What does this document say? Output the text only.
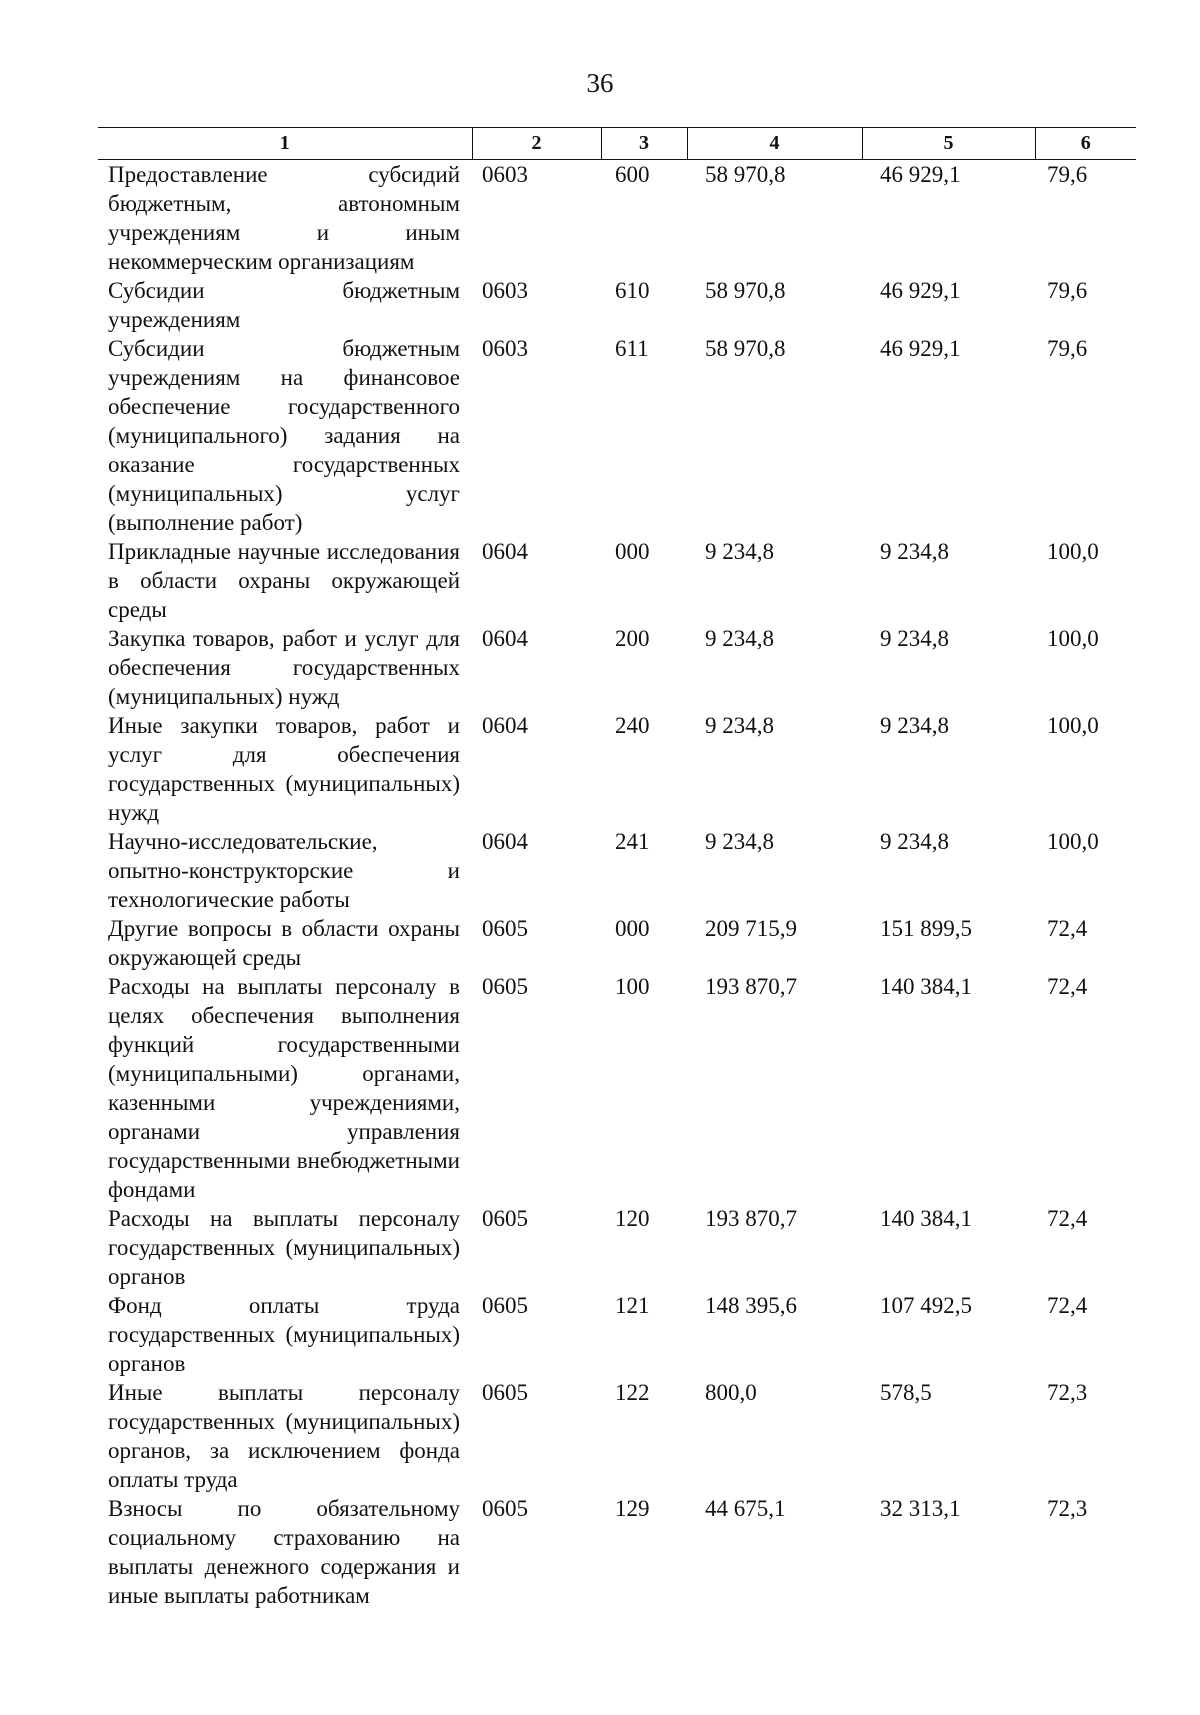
36
1	2	3	4	5	6
Предоставление субсидий бюджетным, автономным учреждениям и иным некоммерческим организациям	0603	600	58 970,8	46 929,1	79,6
Субсидии бюджетным учреждениям	0603	610	58 970,8	46 929,1	79,6
Субсидии бюджетным учреждениям на финансовое обеспечение государственного (муниципального) задания на оказание государственных (муниципальных) услуг (выполнение работ)	0603	611	58 970,8	46 929,1	79,6
Прикладные научные исследования в области охраны окружающей среды	0604	000	9 234,8	9 234,8	100,0
Закупка товаров, работ и услуг для обеспечения государственных (муниципальных) нужд	0604	200	9 234,8	9 234,8	100,0
Иные закупки товаров, работ и услуг для обеспечения государственных (муниципальных) нужд	0604	240	9 234,8	9 234,8	100,0
Научно-исследовательские, опытно-конструкторские и технологические работы	0604	241	9 234,8	9 234,8	100,0
Другие вопросы в области охраны окружающей среды	0605	000	209 715,9	151 899,5	72,4
Расходы на выплаты персоналу в целях обеспечения выполнения функций государственными (муниципальными) органами, казенными учреждениями, органами управления государственными внебюджетными фондами	0605	100	193 870,7	140 384,1	72,4
Расходы на выплаты персоналу государственных (муниципальных) органов	0605	120	193 870,7	140 384,1	72,4
Фонд оплаты труда государственных (муниципальных) органов	0605	121	148 395,6	107 492,5	72,4
Иные выплаты персоналу государственных (муниципальных) органов, за исключением фонда оплаты труда	0605	122	800,0	578,5	72,3
Взносы по обязательному социальному страхованию на выплаты денежного содержания и иные выплаты работникам	0605	129	44 675,1	32 313,1	72,3
